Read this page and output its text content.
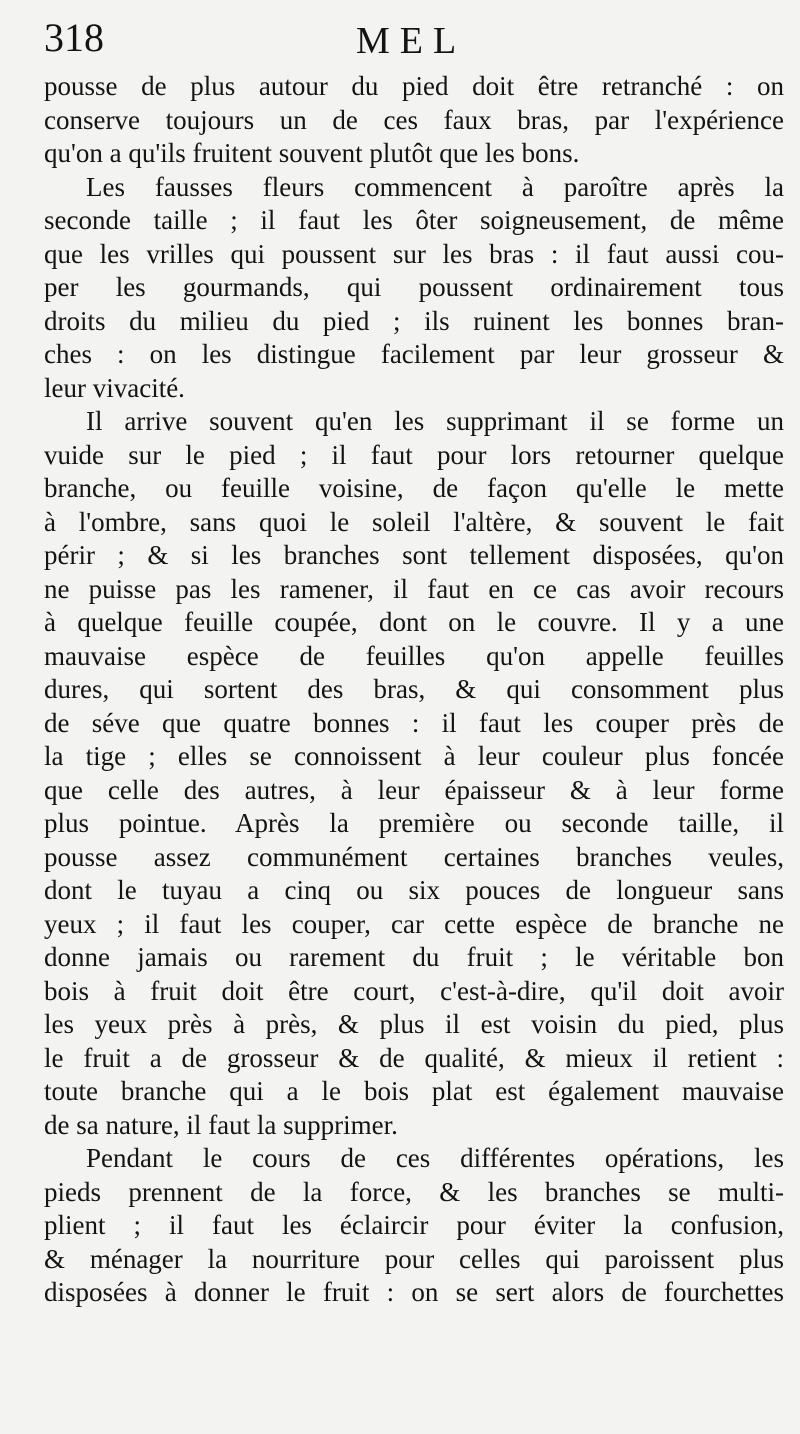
318	MEL
pousse de plus autour du pied doit être retranché : on
conserve toujours un de ces faux bras, par l'expérience
qu'on a qu'ils fruitent souvent plutôt que les bons.
Les fausses fleurs commencent à paroître après la
seconde taille ; il faut les ôter soigneusement, de même
que les vrilles qui poussent sur les bras : il faut aussi cou-
per les gourmands, qui poussent ordinairement tous
droits du milieu du pied ; ils ruinent les bonnes bran-
ches : on les distingue facilement par leur grosseur &
leur vivacité.
Il arrive souvent qu'en les supprimant il se forme un
vuide sur le pied ; il faut pour lors retourner quelque
branche, ou feuille voisine, de façon qu'elle le mette
à l'ombre, sans quoi le soleil l'altère, & souvent le fait
périr ; & si les branches sont tellement disposées, qu'on
ne puisse pas les ramener, il faut en ce cas avoir recours
à quelque feuille coupée, dont on le couvre. Il y a une
mauvaise espèce de feuilles qu'on appelle feuilles
dures, qui sortent des bras, & qui consomment plus
de séve que quatre bonnes : il faut les couper près de
la tige ; elles se connoissent à leur couleur plus foncée
que celle des autres, à leur épaisseur & à leur forme
plus pointue. Après la première ou seconde taille, il
pousse assez communément certaines branches veules,
dont le tuyau a cinq ou six pouces de longueur sans
yeux ; il faut les couper, car cette espèce de branche ne
donne jamais ou rarement du fruit ; le véritable bon
bois à fruit doit être court, c'est-à-dire, qu'il doit avoir
les yeux près à près, & plus il est voisin du pied, plus
le fruit a de grosseur & de qualité, & mieux il retient :
toute branche qui a le bois plat est également mauvaise
de sa nature, il faut la supprimer.
Pendant le cours de ces différentes opérations, les
pieds prennent de la force, & les branches se multi-
plient ; il faut les éclaircir pour éviter la confusion,
& ménager la nourriture pour celles qui paroissent plus
disposées à donner le fruit : on se sert alors de fourchettes
